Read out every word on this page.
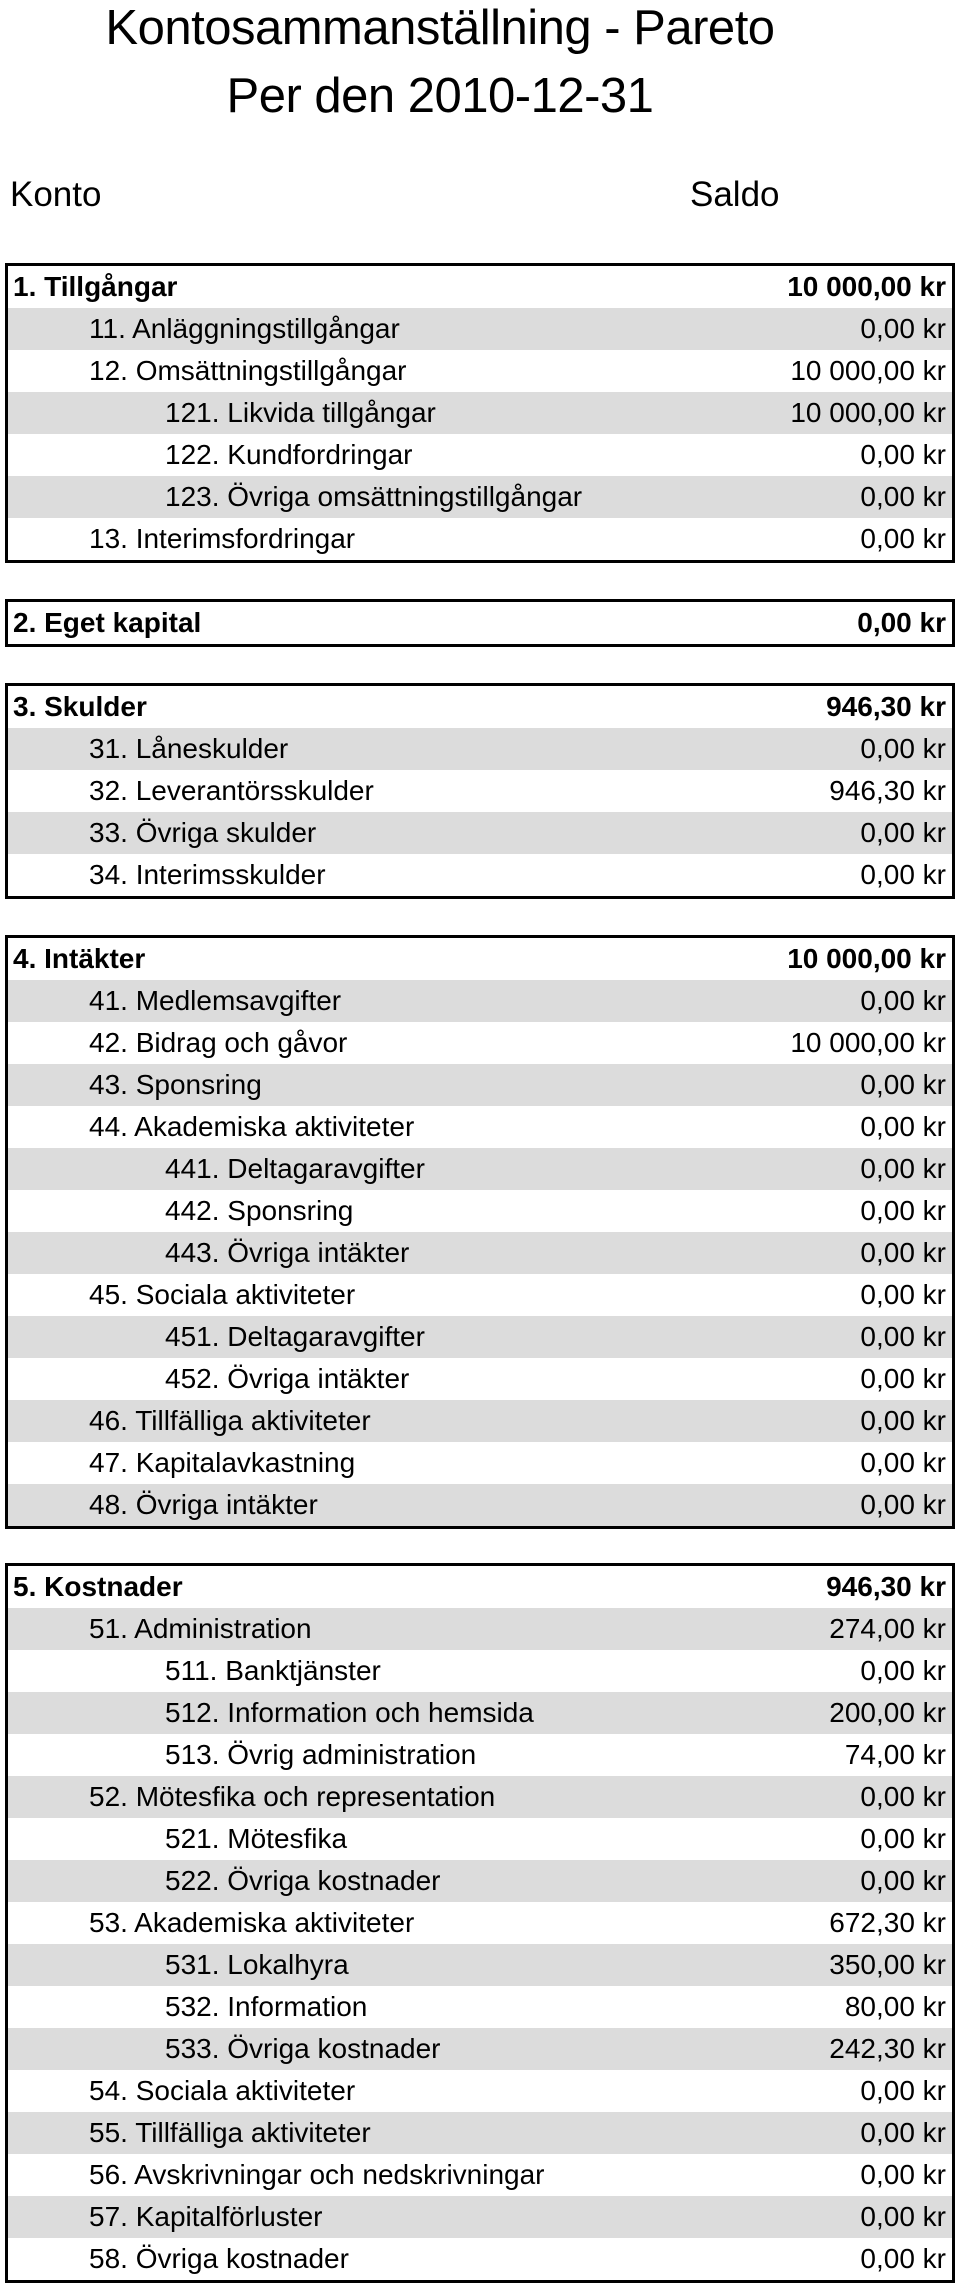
Kontosammanställning - Pareto
Per den 2010-12-31
Konto	Saldo
1. Tillgångar	10 000,00 kr
11. Anläggningstillgångar	0,00 kr
12. Omsättningstillgångar	10 000,00 kr
121. Likvida tillgångar	10 000,00 kr
122. Kundfordringar	0,00 kr
123. Övriga omsättningstillgångar	0,00 kr
13. Interimsfordringar	0,00 kr
2. Eget kapital	0,00 kr
3. Skulder	946,30 kr
31. Låneskulder	0,00 kr
32. Leverantörsskulder	946,30 kr
33. Övriga skulder	0,00 kr
34. Interimsskulder	0,00 kr
4. Intäkter	10 000,00 kr
41. Medlemsavgifter	0,00 kr
42. Bidrag och gåvor	10 000,00 kr
43. Sponsring	0,00 kr
44. Akademiska aktiviteter	0,00 kr
441. Deltagaravgifter	0,00 kr
442. Sponsring	0,00 kr
443. Övriga intäkter	0,00 kr
45. Sociala aktiviteter	0,00 kr
451. Deltagaravgifter	0,00 kr
452. Övriga intäkter	0,00 kr
46. Tillfälliga aktiviteter	0,00 kr
47. Kapitalavkastning	0,00 kr
48. Övriga intäkter	0,00 kr
5. Kostnader	946,30 kr
51. Administration	274,00 kr
511. Banktjänster	0,00 kr
512. Information och hemsida	200,00 kr
513. Övrig administration	74,00 kr
52. Mötesfika och representation	0,00 kr
521. Mötesfika	0,00 kr
522. Övriga kostnader	0,00 kr
53. Akademiska aktiviteter	672,30 kr
531. Lokalhyra	350,00 kr
532. Information	80,00 kr
533. Övriga kostnader	242,30 kr
54. Sociala aktiviteter	0,00 kr
55. Tillfälliga aktiviteter	0,00 kr
56. Avskrivningar och nedskrivningar	0,00 kr
57. Kapitalförluster	0,00 kr
58. Övriga kostnader	0,00 kr
